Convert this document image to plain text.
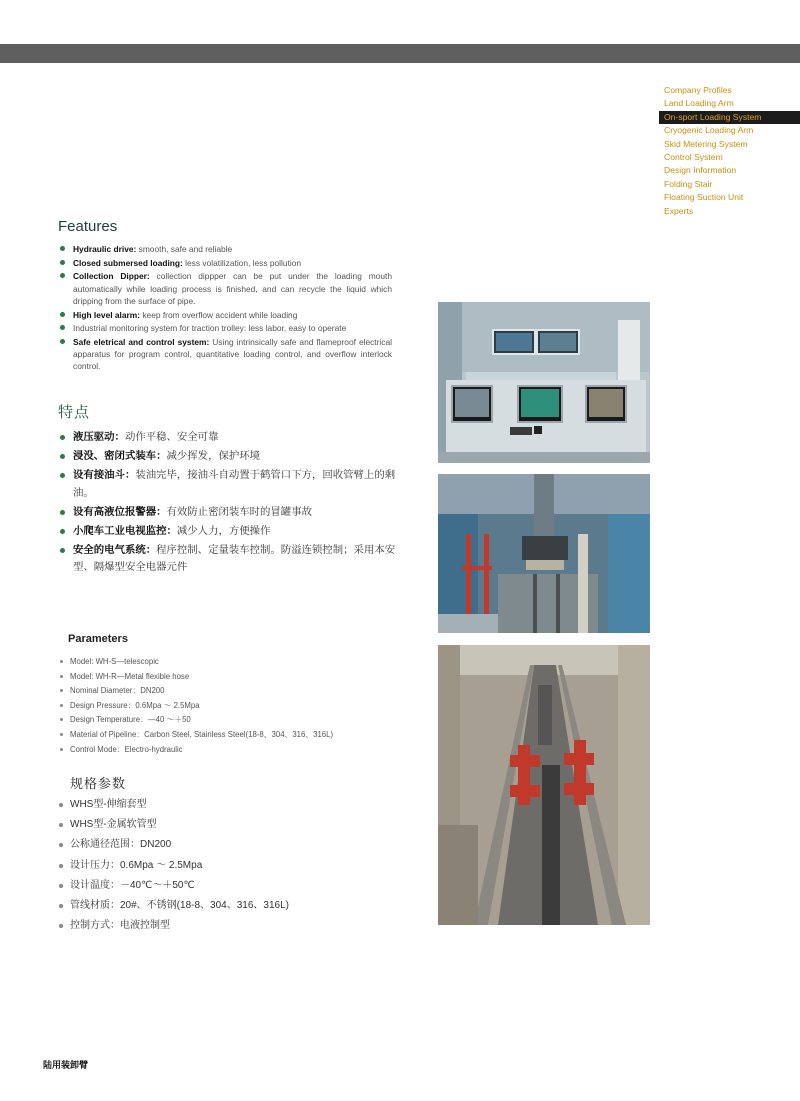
Company Profiles
Land Loading Arm
On-sport Loading System
Cryogenic Loading Arm
Skid Metering System
Control System
Design Information
Folding Stair
Floating Suction Unit
Experts
Features
Hydraulic drive: smooth, safe and reliable
Closed submersed loading: less volatilization, less pollution
Collection Dipper: collection dippper can be put under the loading mouth automatically while loading process is finished, and can recycle the liquid which dripping from the surface of pipe.
High level alarm: keep from overflow accident while loading
Industrial monitoring system for traction trolley: less labor, easy to operate
Safe eletrical and control system: Using intrinsically safe and flameproof electrical apparatus for program control, quantitative loading control, and overflow interlock control.
特点
液压驱动：动作平稳、安全可靠
浸没、密闭式装车：减少挥发，保护环境
设有接油斗：装油完毕，接油斗自动置于鹤管口下方，回收管臂上的剩油。
设有高液位报警器：有效防止密闭装车时的冒罐事故
小爬车工业电视监控：减少人力，方便操作
安全的电气系统：程序控制、定量装车控制。防溢连锁控制；采用本安型、隔爆型安全电器元件
Parameters
Model: WH-S—telescopic
Model: WH-R—Metal flexible hose
Nominal Diameter：DN200
Design Pressure：0.6Mpa ～ 2.5Mpa
Design Temperature：—40 ～＋50
Material of Pipeline：Carbon Steel, Stainless Steel(18-8、304、316、316L)
Control Mode：Electro-hydraulic
规格参数
WHS型-伸缩套型
WHS型-金属软管型
公称通径范围：DN200
设计压力：0.6Mpa ～ 2.5Mpa
设计温度：－40℃～＋50℃
管线材质：20#、不锈钢(18-8、304、316、316L)
控制方式：电液控制型
陆用装卸臂
